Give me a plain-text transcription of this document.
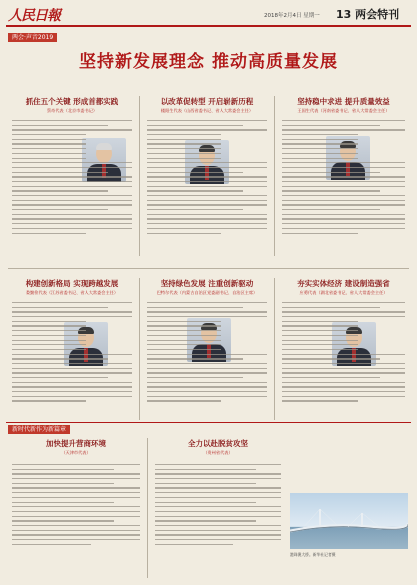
人民日報	2018年2月4日 星期一 13 两会特刊
两会·声音2019
坚持新发展理念 推动高质量发展
抓住五个关键 形成首都实践
蔡奇代表（北京市委书记）
以改革促转型 开启崭新历程
楼阳生代表（山西省委书记、省人大常委会主任）
坚持稳中求进 提升质量效益
王国生代表（河南省委书记、省人大常委会主任）
构建创新格局 实现跨越发展
娄勤俭代表（江苏省委书记、省人大常委会主任）
坚持绿色发展 注重创新驱动
巴特尔代表（内蒙古自治区党委副书记、自治区主席）
夯实实体经济 建设制造强省
应勇代表（湖北省委书记、省人大常委会主任）
新时代新作为新篇章
加快提升营商环境
（天津市代表）
全力以赴脱贫攻坚
（贵州省代表）
港珠澳大桥。新华社记者摄
